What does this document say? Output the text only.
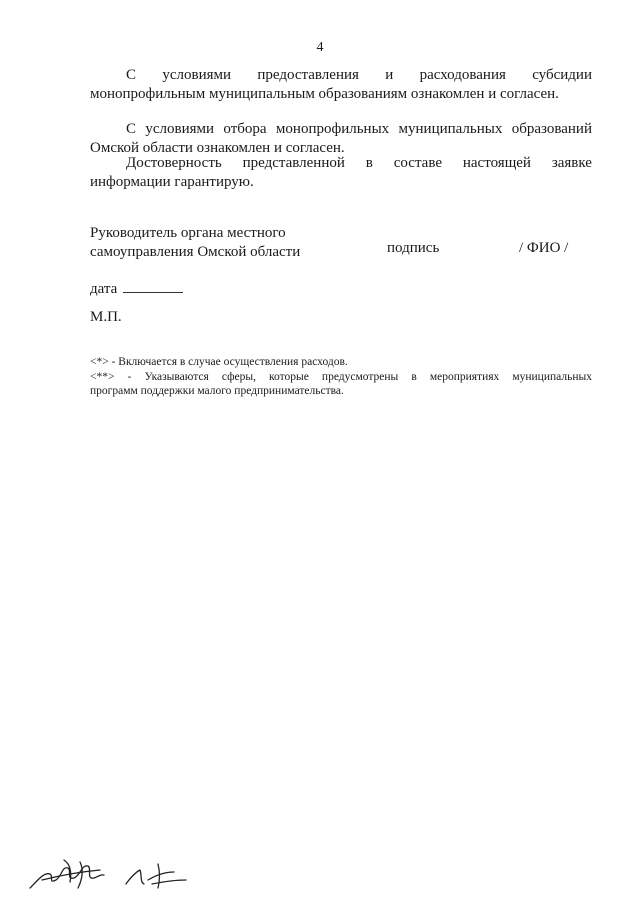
4
С условиями предоставления и расходования субсидии
монопрофильным муниципальным образованиям ознакомлен и согласен.
С условиями отбора монопрофильных муниципальных образований
Омской области ознакомлен и согласен.
Достоверность представленной в составе настоящей заявке
информации гарантирую.
Руководитель органа местного
самоуправления Омской области	подпись	/ ФИО /
дата
М.П.
<*> - Включается в случае осуществления расходов.
<**> - Указываются сферы, которые предусмотрены в мероприятиях муниципальных
программ поддержки малого предпринимательства.
